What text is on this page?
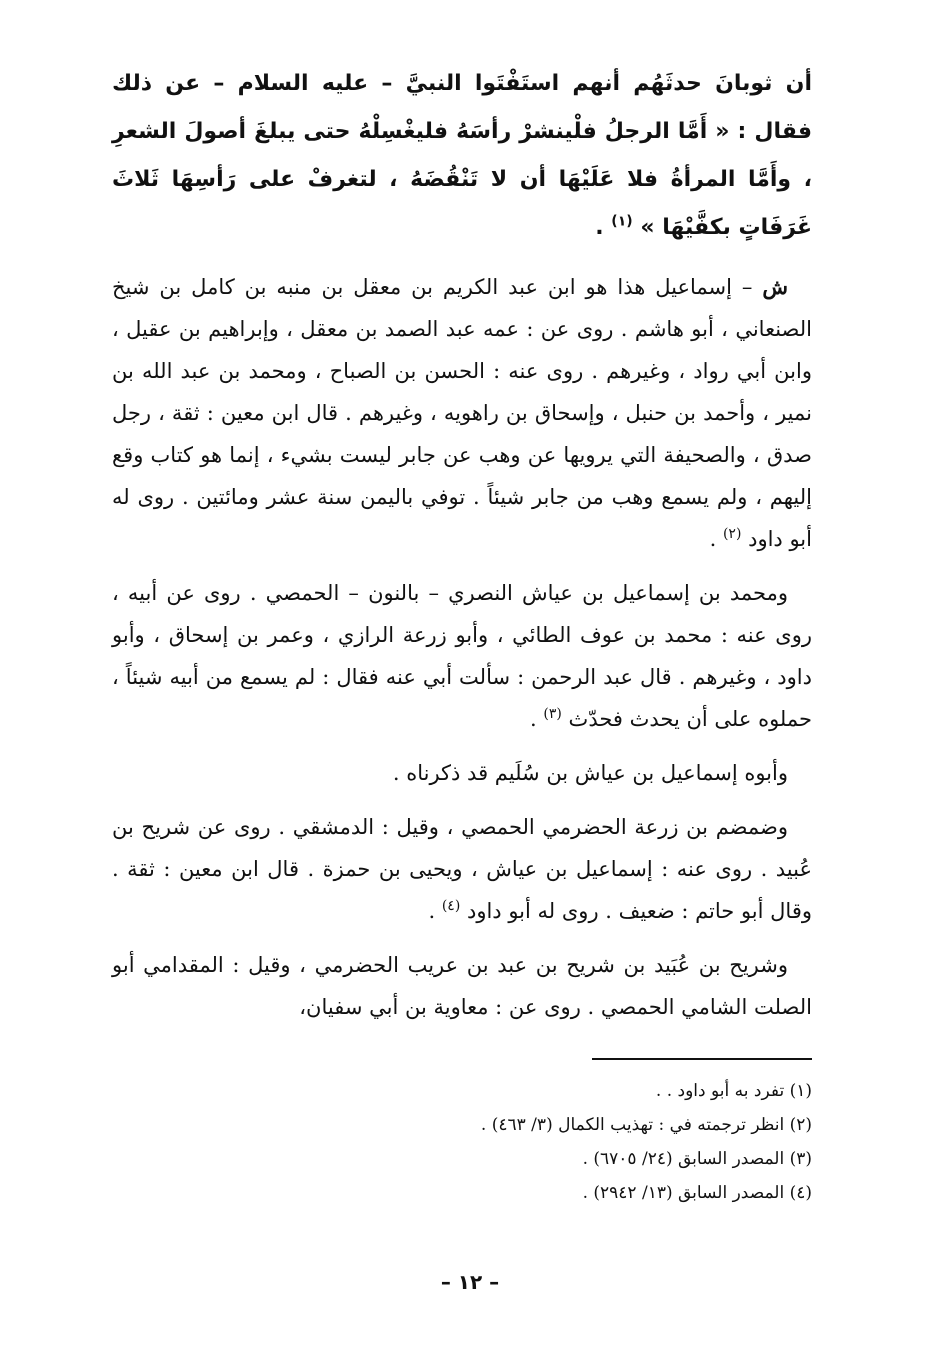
أن ثوبانَ حدثَهُم أنهم استَفْتَوا النبيَّ – عليه السلام – عن ذلك فقال : « أَمَّا الرجلُ فلْينشرْ رأسَهُ فليغْسِلْهُ حتى يبلغَ أصولَ الشعرِ ، وأَمَّا المرأةُ فلا عَلَيْهَا أن لا تَنْقُضَهُ ، لتغرفْ على رَأسِهَا ثَلاثَ غَرَفَاتٍ بكفَّيْهَا » $^{(١)}$ .

ش – إسماعيل هذا هو ابن عبد الكريم بن معقل بن منبه بن كامل بن شيخ الصنعاني ، أبو هاشم . روى عن : عمه عبد الصمد بن معقل ، وإبراهيم بن عقيل ، وابن أبي رواد ، وغيرهم . روى عنه : الحسن بن الصباح ، ومحمد بن عبد الله بن نمير ، وأحمد بن حنبل ، وإسحاق بن راهويه ، وغيرهم . قال ابن معين : ثقة ، رجل صدق ، والصحيفة التي يرويها عن وهب عن جابر ليست بشيء ، إنما هو كتاب وقع إليهم ، ولم يسمع وهب من جابر شيئاً . توفي باليمن سنة عشر ومائتين . روى له أبو داود $^{(٢)}$ .

ومحمد بن إسماعيل بن عياش النصري – بالنون – الحمصي . روى عن أبيه ، روى عنه : محمد بن عوف الطائي ، وأبو زرعة الرازي ، وعمر بن إسحاق ، وأبو داود ، وغيرهم . قال عبد الرحمن : سألت أبي عنه فقال : لم يسمع من أبيه شيئاً ، حملوه على أن يحدث فحدّث $^{(٣)}$ .

وأبوه إسماعيل بن عياش بن سُلَيم قد ذكرناه .

وضمضم بن زرعة الحضرمي الحمصي ، وقيل : الدمشقي . روى عن شريح بن عُبيد . روى عنه : إسماعيل بن عياش ، ويحيى بن حمزة . قال ابن معين : ثقة . وقال أبو حاتم : ضعيف . روى له أبو داود $^{(٤)}$ .

وشريح بن عُبَيد بن شريح بن عبد بن عريب الحضرمي ، وقيل : المقدامي أبو الصلت الشامي الحمصي . روى عن : معاوية بن أبي سفيان،

(١) تفرد به أبو داود . .

(٢) انظر ترجمته في : تهذيب الكمال (٣/ ٤٦٣) .

(٣) المصدر السابق (٢٤/ ٦٧٠٥) .

(٤) المصدر السابق (١٣/ ٢٩٤٢) .

– ١٢ –
